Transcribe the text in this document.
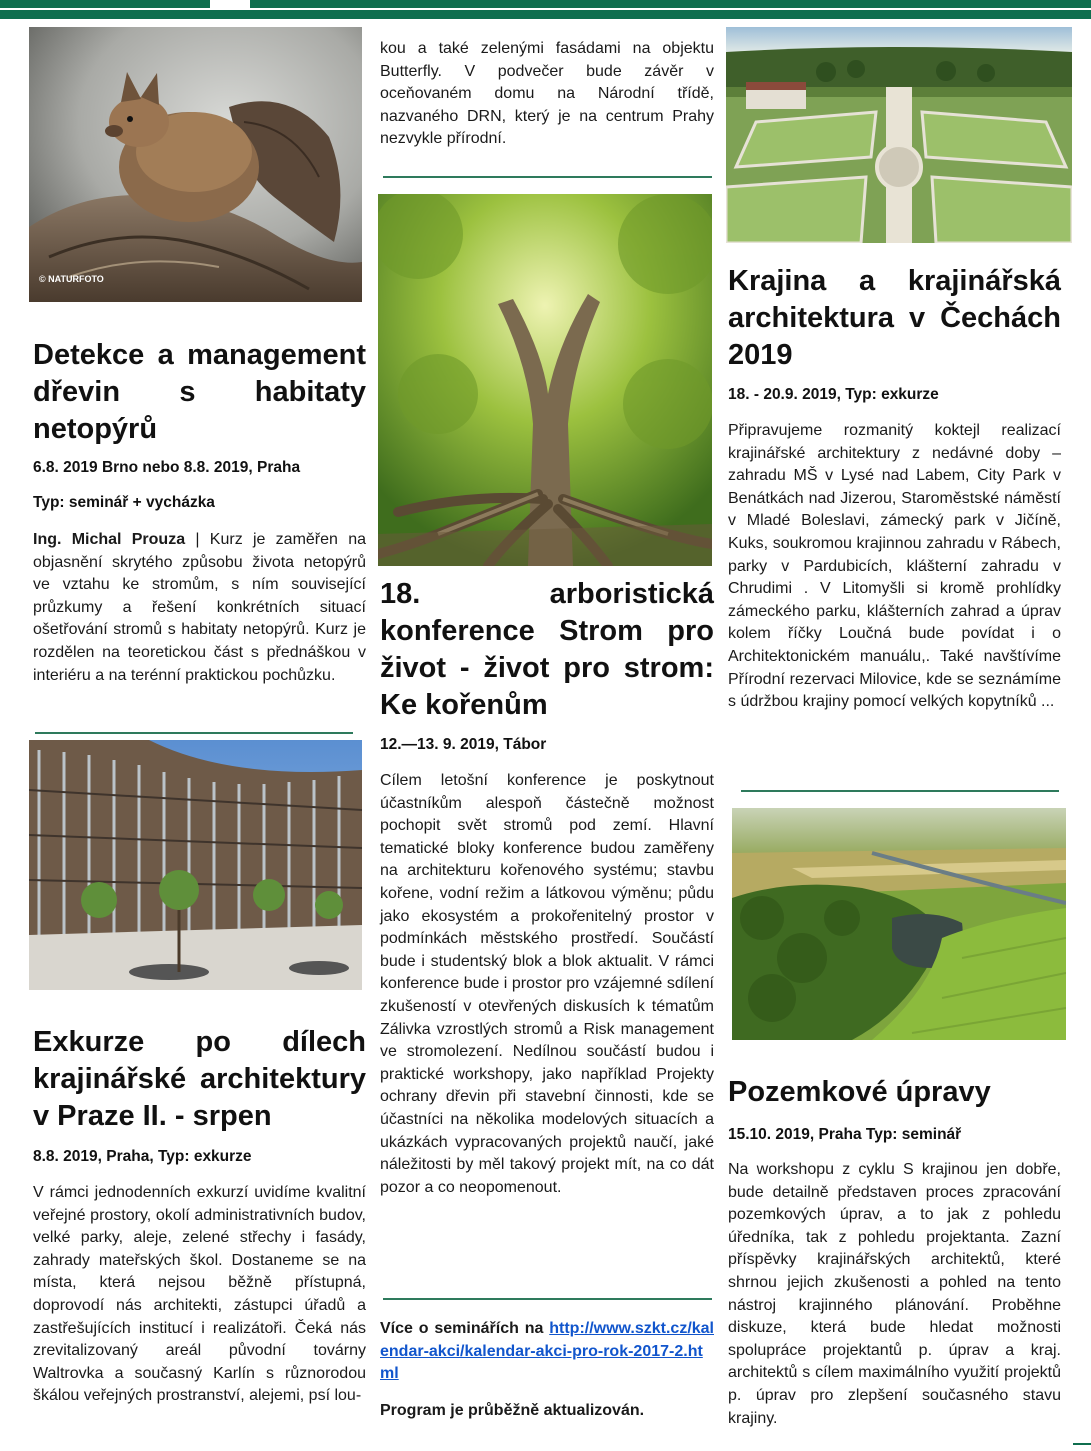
© NATURFOTO
Detekce a management dřevin s habitaty netopýrů

6.8. 2019 Brno nebo 8.8. 2019, Praha

Typ: seminář + vycházka

Ing. Michal Prouza | Kurz je zaměřen na objasnění skrytého způsobu života netopýrů ve vztahu ke stromům, s ním související průzkumy a řešení konkrétních situací ošetřování stromů s habitaty netopýrů. Kurz je rozdělen na teoretickou část s přednáškou v interiéru a na terénní praktickou pochůzku.

Exkurze po dílech krajinářské architektury v Praze II. - srpen

8.8. 2019, Praha, Typ: exkurze

V rámci jednodenních exkurzí uvidíme kvalitní veřejné prostory, okolí administrativních budov, velké parky, aleje, zelené střechy i fasády, zahrady mateřských škol. Dostaneme se na místa, která nejsou běžně přístupná, doprovodí nás architekti, zástupci úřadů a zastřešujících institucí i realizátoři. Čeká nás zrevitalizovaný areál původní továrny Waltrovka a současný Karlín s různorodou škálou veřejných prostranství, alejemi, psí lou-

kou a také zelenými fasádami na objektu Butterfly. V podvečer bude závěr v oceňovaném domu na Národní třídě, nazvaného DRN, který je na centrum Prahy nezvykle přírodní.

18. arboristická konference Strom pro život - život pro strom: Ke kořenům

12.—13. 9. 2019, Tábor

Cílem letošní konference je poskytnout účastníkům alespoň částečně možnost pochopit svět stromů pod zemí. Hlavní tematické bloky konference budou zaměřeny na architekturu kořenového systému; stavbu kořene, vodní režim a látkovou výměnu; půdu jako ekosystém a prokořenitelný prostor v podmínkách městského prostředí. Součástí bude i studentský blok a blok aktualit. V rámci konference bude i prostor pro vzájemné sdílení zkušeností v otevřených diskusích k tématům Zálivka vzrostlých stromů a Risk management ve stromolezení. Nedílnou součástí budou i praktické workshopy, jako například Projekty ochrany dřevin při stavební činnosti, kde se účastníci na několika modelových situacích a ukázkách vypracovaných projektů naučí, jaké náležitosti by měl takový projekt mít, na co dát pozor a co neopomenout.

Více o seminářích na http://www.szkt.cz/kalendar-akci/kalendar-akci-pro-rok-2017-2.html

Program je průběžně aktualizován.

Krajina a krajinářská architektura v Čechách 2019

18. - 20.9. 2019, Typ: exkurze

Připravujeme rozmanitý koktejl realizací krajinářské architektury z nedávné doby – zahradu MŠ v Lysé nad Labem, City Park v Benátkách nad Jizerou, Staroměstské náměstí v Mladé Boleslavi, zámecký park v Jičíně, Kuks, soukromou krajinnou zahradu v Rábech, parky v Pardubicích, klášterní zahradu v Chrudimi . V Litomyšli si kromě prohlídky zámeckého parku, klášterních zahrad a úprav kolem říčky Loučná bude povídat i o Architektonickém manuálu,. Také navštívíme Přírodní rezervaci Milovice, kde se seznámíme s údržbou krajiny pomocí velkých kopytníků ...

Pozemkové úpravy

15.10. 2019, Praha Typ: seminář

Na workshopu z cyklu S krajinou jen dobře, bude detailně představen proces zpracování pozemkových úprav, a to jak z pohledu úředníka, tak z pohledu projektanta. Zazní příspěvky krajinářských architektů, které shrnou jejich zkušenosti a pohled na tento nástroj krajinného plánování. Proběhne diskuze, která bude hledat možnosti spolupráce projektantů p. úprav a kraj. architektů s cílem maximálního využití projektů p. úprav pro zlepšení současného stavu krajiny.
